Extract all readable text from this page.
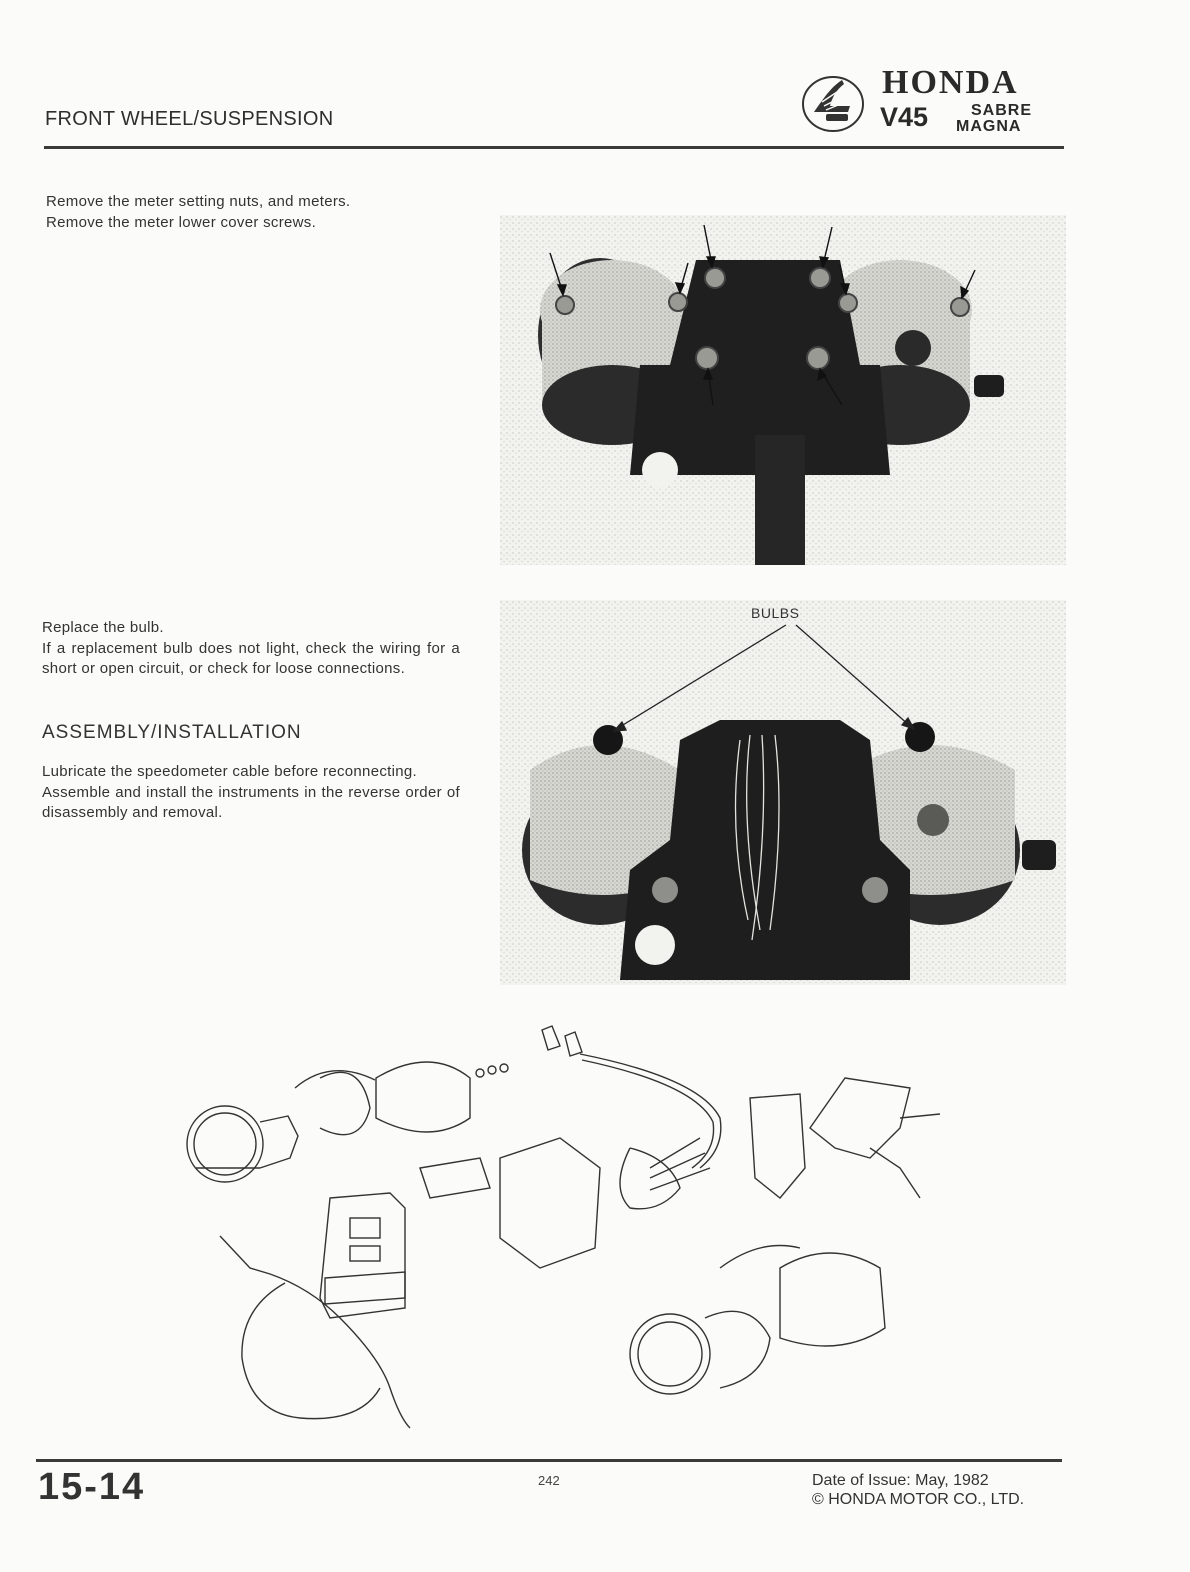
FRONT WHEEL/SUSPENSION
HONDA
V45	SABRE
MAGNA
Remove the meter setting nuts, and meters.
Remove the meter lower cover screws.
Replace the bulb.
If a replacement bulb does not light, check the wiring for a short or open circuit, or check for loose connections.
ASSEMBLY/INSTALLATION
Lubricate the speedometer cable before reconnecting.
Assemble and install the instruments in the reverse order of disassembly and removal.
BULBS
15-14	242	Date of Issue: May, 1982
© HONDA MOTOR CO., LTD.
